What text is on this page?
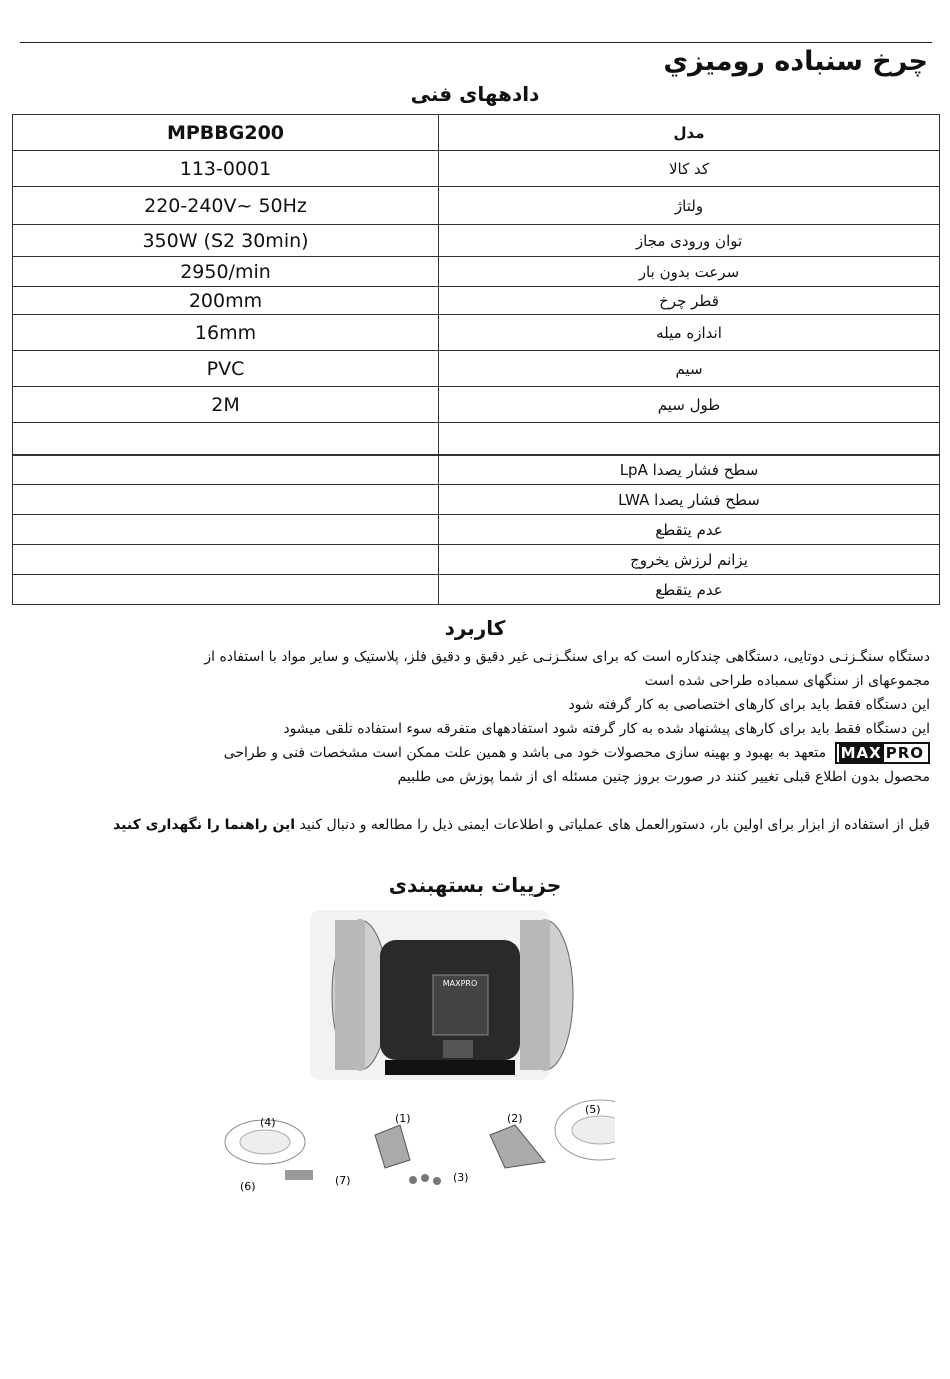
چرخ سنباده روميزي
دادههای فنی
MPBBG200	مدل
113-0001	کد کالا
220-240V~ 50Hz	ولتاژ
350W (S2 30min)	توان ورودی مجاز
2950/min	سرعت بدون بار
200mm	قطر چرخ
16mm	اندازه میله
PVC	سیم
2M	طول سیم

	سطح فشار یصدا LpA
	سطح فشار یصدا LWA
	عدم یتقطع
	یزانم لرزش یخروج
	عدم یتقطع
کاربرد
دستگاه سنگـزنـی دوتایی، دستگاهی چندکاره است که برای سنگـزنـی غیر دقیق و دقیق فلز، پلاستیک و سایر مواد با استفاده از
مجموعهای از سنگهای سمباده طراحی شده است
این دستگاه فقط باید برای کارهای اختصاصی به کار گرفته شود
این دستگاه فقط باید برای کارهای پیشنهاد شده به کار گرفته شود استفادههای متفرقه سوء استفاده تلقی میشود
MAX PRO متعهد به بهبود و بهینه سازی محصولات خود می باشد و همین علت ممکن است مشخصات فنی و طراحی
محصول بدون اطلاع قبلی تغییر کنند در صورت بروز چنین مسئله ای از شما پوزش می طلبیم
قبل از استفاده از ابزار برای اولین بار، دستورالعمل های عملیاتی و اطلاعات ایمنی ذیل را مطالعه و دنبال کنید این راهنما را نگهداری کنید
جزییات بستهبندی
MAXPRO
(4)	(1)	(2)
(3)
(5)
(6)	(7)
